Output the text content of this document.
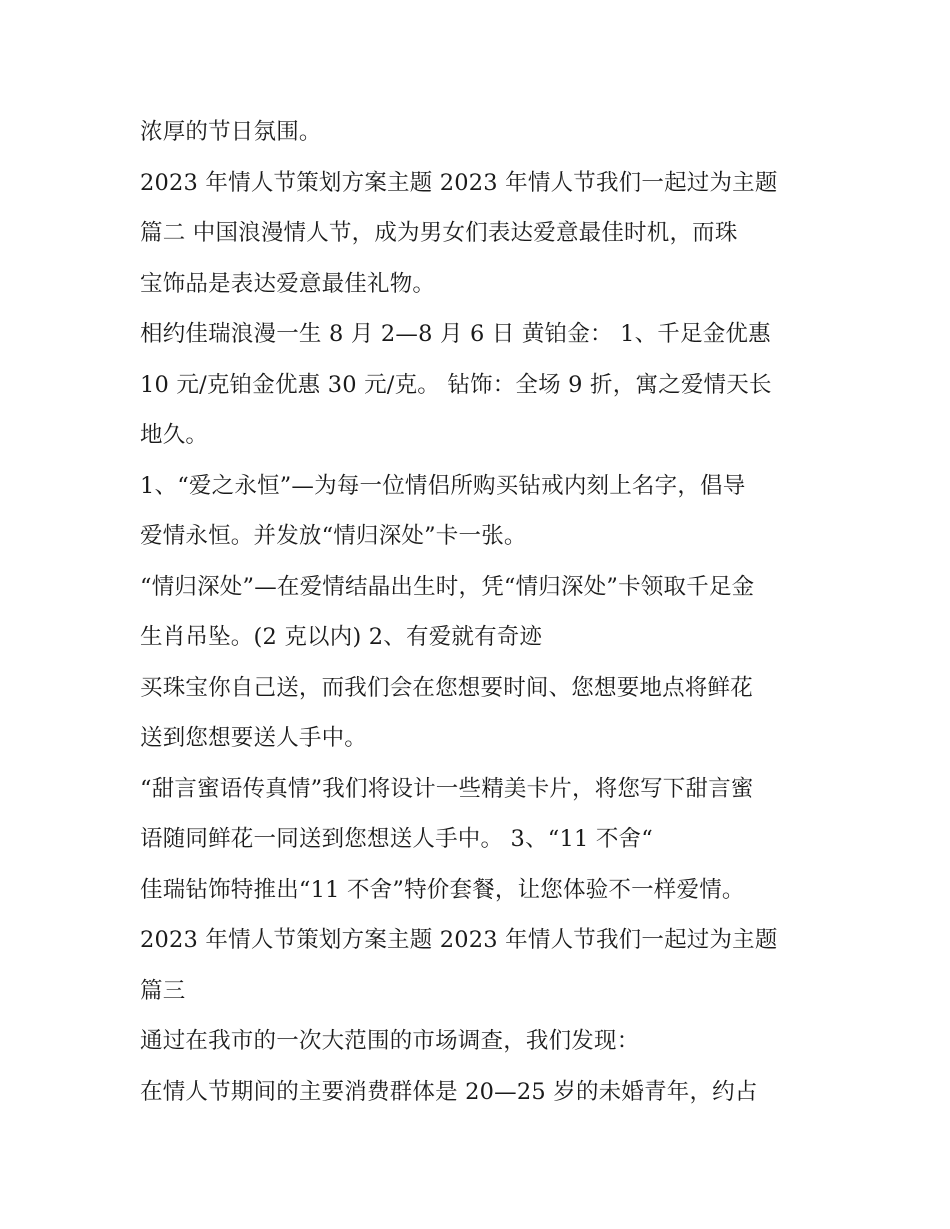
浓厚的节日氛围。
2023 年情人节策划方案主题 2023 年情人节我们一起过为主题
篇二 中国浪漫情人节，成为男女们表达爱意最佳时机，而珠
宝饰品是表达爱意最佳礼物。
相约佳瑞浪漫一生 8 月 2—8 月 6 日 黄铂金： 1、千足金优惠
10 元/克铂金优惠 30 元/克。 钻饰：全场 9 折，寓之爱情天长
地久。
1、“爱之永恒”—为每一位情侣所购买钻戒内刻上名字，倡导
爱情永恒。并发放“情归深处”卡一张。
“情归深处”—在爱情结晶出生时，凭“情归深处”卡领取千足金
生肖吊坠。(2 克以内) 2、有爱就有奇迹
买珠宝你自己送，而我们会在您想要时间、您想要地点将鲜花
送到您想要送人手中。
“甜言蜜语传真情”我们将设计一些精美卡片，将您写下甜言蜜
语随同鲜花一同送到您想送人手中。 3、“11 不舍“
佳瑞钻饰特推出“11 不舍”特价套餐，让您体验不一样爱情。
2023 年情人节策划方案主题 2023 年情人节我们一起过为主题
篇三
通过在我市的一次大范围的市场调查，我们发现：
在情人节期间的主要消费群体是 20—25 岁的未婚青年，约占
